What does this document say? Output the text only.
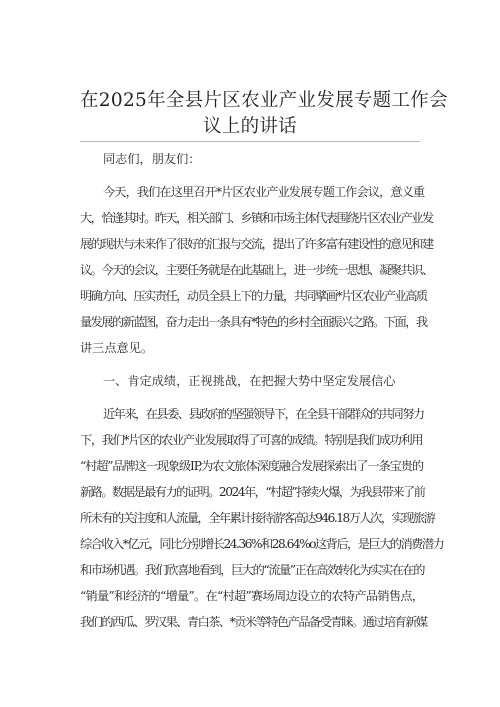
在2025年全县片区农业产业发展专题工作会
议上的讲话
同志们，朋友们：
今天，我们在这里召开*片区农业产业发展专题工作会议，意义重
大，恰逢其时。昨天，相关部门、乡镇和市场主体代表围绕片区农业产业发
展的现状与未来作了很好的汇报与交流，提出了许多富有建设性的意见和建
议。今天的会议，主要任务就是在此基础上，进一步统一思想、凝聚共识、
明确方向、压实责任，动员全县上下的力量，共同擘画*片区农业产业高质
量发展的新蓝图，奋力走出一条具有*特色的乡村全面振兴之路。下面，我
讲三点意见。
一、肯定成绩，正视挑战，在把握大势中坚定发展信心
近年来，在县委、县政府的坚强领导下，在全县干部群众的共同努力
下，我们*片区的农业产业发展取得了可喜的成绩。特别是我们成功利用
“村超”品牌这一现象级IP,为农文旅体深度融合发展探索出了一条宝贵的
新路。数据是最有力的证明。2024年，“村超”持续火爆，为我县带来了前
所未有的关注度和人流量，全年累计接待游客高达946.18万人次，实现旅游
综合收入*亿元，同比分别增长24.36%和28.64%o这背后，是巨大的消费潜力
和市场机遇。我们欣喜地看到，巨大的“流量”正在高效转化为实实在在的
“销量”和经济的“增量”。在“村超”赛场周边设立的农特产品销售点，
我们的西瓜、罗汉果、青白茶、*贡米等特色产品备受青睐。通过培育新媒
